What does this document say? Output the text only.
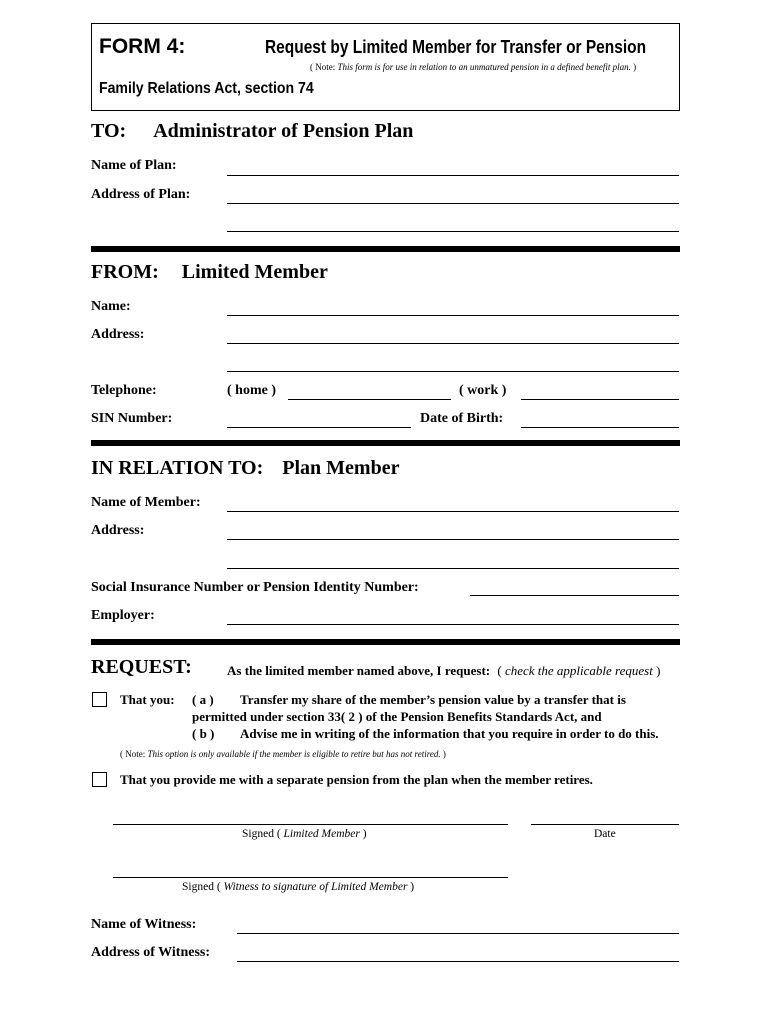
FORM 4:	Request by Limited Member for Transfer or Pension
( Note: This form is for use in relation to an unmatured pension in a defined benefit plan. )
Family Relations Act, section 74
TO: Administrator of Pension Plan
Name of Plan:
Address of Plan:
FROM: Limited Member
Name:
Address:
Telephone:	( home )	( work )
SIN Number:	Date of Birth:
IN RELATION TO: Plan Member
Name of Member:
Address:
Social Insurance Number or Pension Identity Number:
Employer:
REQUEST:	As the limited member named above, I request: ( check the applicable request )
That you: ( a ) Transfer my share of the member’s pension value by a transfer that is
permitted under section 33( 2 ) of the Pension Benefits Standards Act, and
( b ) Advise me in writing of the information that you require in order to do this.
( Note: This option is only available if the member is eligible to retire but has not retired. )
That you provide me with a separate pension from the plan when the member retires.
Signed ( Limited Member )	Date
Signed ( Witness to signature of Limited Member )
Name of Witness:
Address of Witness:
